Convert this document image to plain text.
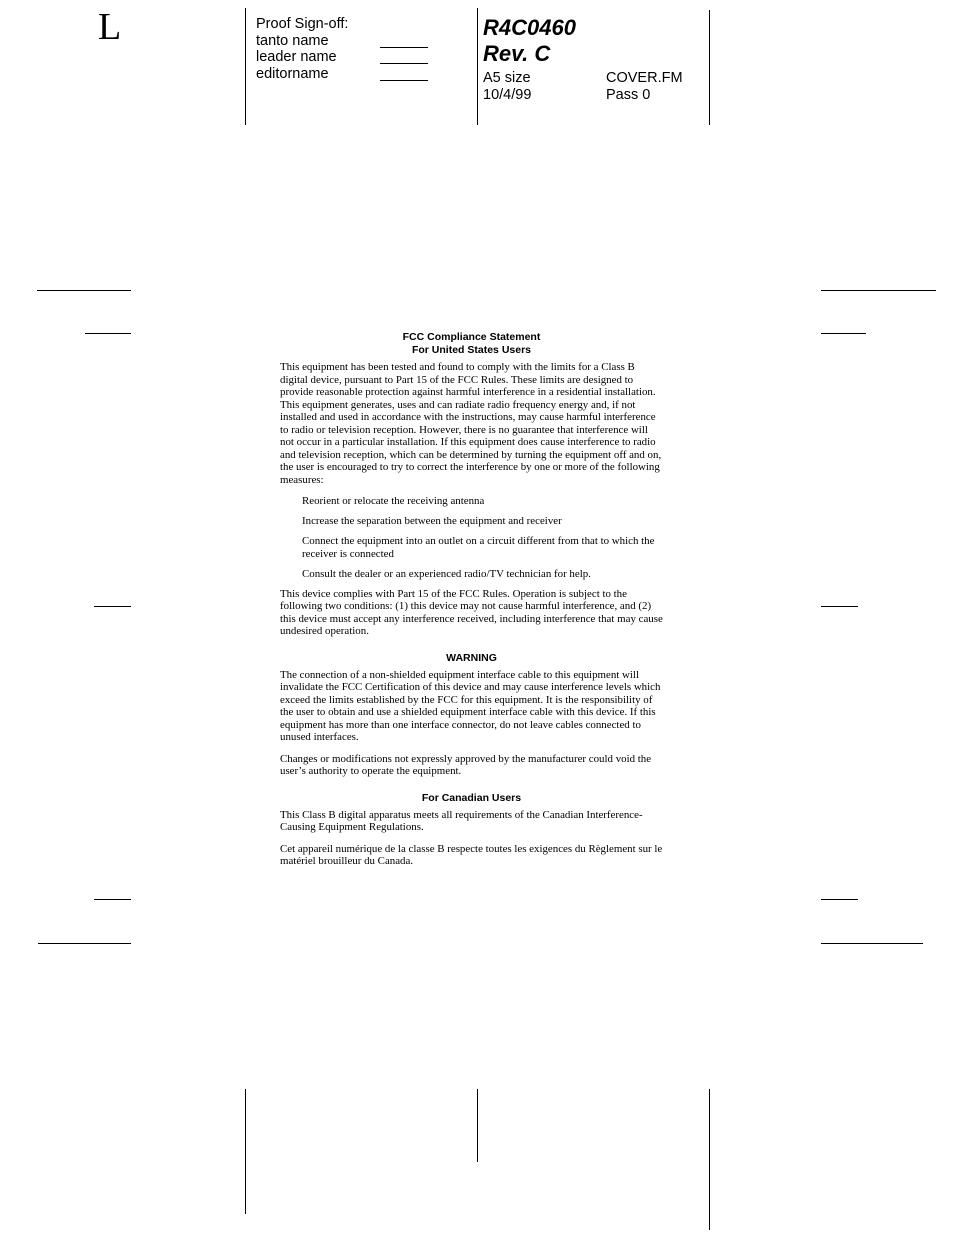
L	Proof Sign-off:
tanto name
leader name
editorname
R4C0460
Rev. C
A5 size	COVER.FM
10/4/99	Pass 0
FCC Compliance Statement
For United States Users

This equipment has been tested and found to comply with the limits for a Class B digital device, pursuant to Part 15 of the FCC Rules. These limits are designed to provide reasonable protection against harmful interference in a residential installation. This equipment generates, uses and can radiate radio frequency energy and, if not installed and used in accordance with the instructions, may cause harmful interference to radio or television reception. However, there is no guarantee that interference will not occur in a particular installation. If this equipment does cause interference to radio and television reception, which can be determined by turning the equipment off and on, the user is encouraged to try to correct the interference by one or more of the following measures:

Reorient or relocate the receiving antenna

Increase the separation between the equipment and receiver

Connect the equipment into an outlet on a circuit different from that to which the receiver is connected

Consult the dealer or an experienced radio/TV technician for help.

This device complies with Part 15 of the FCC Rules. Operation is subject to the following two conditions: (1) this device may not cause harmful interference, and (2) this device must accept any interference received, including interference that may cause undesired operation.

WARNING

The connection of a non-shielded equipment interface cable to this equipment will invalidate the FCC Certification of this device and may cause interference levels which exceed the limits established by the FCC for this equipment. It is the responsibility of the user to obtain and use a shielded equipment interface cable with this device. If this equipment has more than one interface connector, do not leave cables connected to unused interfaces.

Changes or modifications not expressly approved by the manufacturer could void the user’s authority to operate the equipment.

For Canadian Users

This Class B digital apparatus meets all requirements of the Canadian Interference- Causing Equipment Regulations.

Cet appareil numérique de la classe B respecte toutes les exigences du Règlement sur le matériel brouilleur du Canada.
